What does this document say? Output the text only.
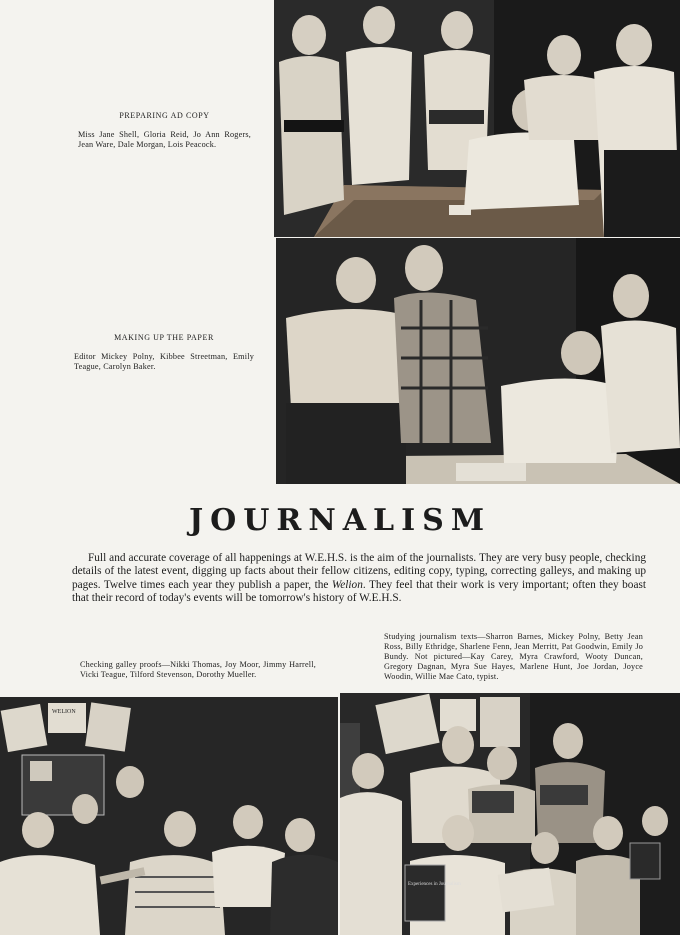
PREPARING AD COPY
Miss Jane Shell, Gloria Reid, Jo Ann Rogers, Jean Ware, Dale Morgan, Lois Peacock.
MAKING UP THE PAPER
Editor Mickey Polny, Kibbee Streetman, Emily Teague, Carolyn Baker.
JOURNALISM
Full and accurate coverage of all happenings at W.E.H.S. is the aim of the journalists. They are very busy people, checking details of the latest event, digging up facts about their fellow citizens, editing copy, typing, correcting galleys, and making up pages. Twelve times each year they publish a paper, the Welion. They feel that their work is very important; often they boast that their record of today's events will be tomorrow's history of W.E.H.S.
Checking galley proofs—Nikki Thomas, Joy Moor, Jimmy Harrell, Vicki Teague, Tilford Stevenson, Dorothy Mueller.
Studying journalism texts—Sharron Barnes, Mickey Polny, Betty Jean Ross, Billy Ethridge, Sharlene Fenn, Jean Merritt, Pat Goodwin, Emily Jo Bundy. Not pictured—Kay Carey, Myra Crawford, Wooty Duncan, Gregory Dagnan, Myra Sue Hayes, Marlene Hunt, Joe Jordan, Joyce Woodin, Willie Mae Cato, typist.
WELION
Experiences in Journalism
